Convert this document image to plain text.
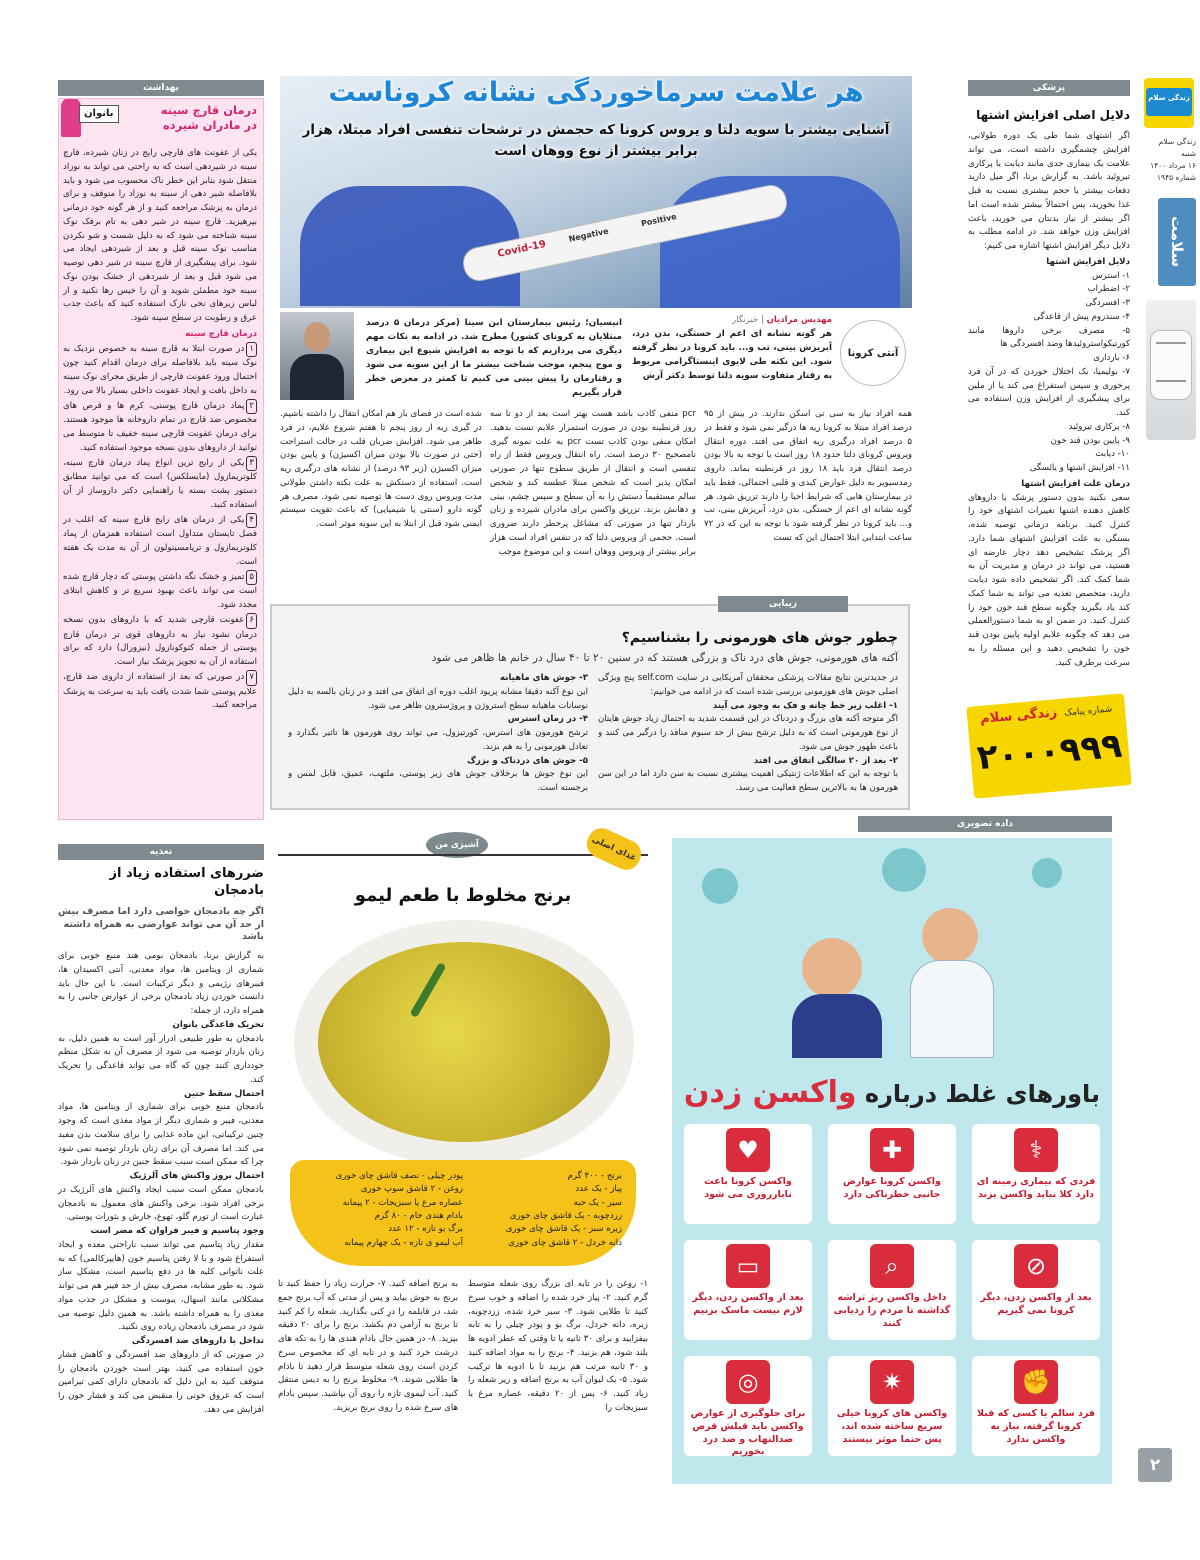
زندگی سلام
زندگی سلام
شنبه
۱۶ مرداد ۱۴۰۰
شماره ۱۹۴۵
سلامت
۲
پزشکی
دلایل اصلی افزایش اشتها

اگر اشتهای شما طی یک دوره طولانی، افزایش چشمگیری داشته است، می تواند علامت یک بیماری جدی مانند دیابت یا پرکاری تیروئید باشد. به گزارش برنا، اگر میل دارید دفعات بیشتر یا حجم بیشتری نسبت به قبل غذا بخورید، پس احتمالاً بیشتر شده است اما اگر بیشتر از نیاز بدنتان می خورید، باعث افزایش وزن خواهد شد. در ادامه مطلب به دلایل دیگر افزایش اشتها اشاره می کنیم:

دلایل افزایش اشتها

۱- استرس

۲- اضطراب

۳- افسردگی

۴- سندروم پیش از قاعدگی

۵- مصرف برخی داروها مانند کورتیکواستروئیدها وضد افسردگی ها

۶- بارداری

۷- بولیمیا، یک اختلال خوردن که در آن فرد پرخوری و سپس استفراغ می کند یا از ملین برای پیشگیری از افزایش وزن استفاده می کند.

۸- پرکاری تیروئید

۹- پایین بودن قند خون

۱۰- دیابت

۱۱- افزایش اشتها و یائسگی

درمان علت افزایش اشتها

سعی نکنید بدون دستور پزشک یا داروهای کاهش دهنده اشتها تغییرات اشتهای خود را کنترل کنید. برنامه درمانی توصیه شده، بستگی به علت افزایش اشتهای شما دارد. اگر پزشک تشخیص دهد دچار عارضه ای هستید، می تواند در درمان و مدیریت آن به شما کمک کند. اگر تشخیص داده شود دیابت دارید، متخصص تغذیه می تواند به شما کمک کند یاد بگیرید چگونه سطح قند خون خود را کنترل کنید. در ضمن او به شما دستورالعملی می دهد که چگونه علایم اولیه پایین بودن قند خون را تشخیص دهید و این مسئله را به سرعت برطرف کنید.

شماره پیامک زندگی سلام
۲۰۰۰۹۹۹
Covid-19 Negative Positive
هر علامت سرماخوردگی نشانه کروناست
آشنایی بیشتر با سویه دلتا و یروس کرونا که حجمش در ترشحات تنفسی افراد مبتلا، هزار برابر بیشتر از نوع ووهان است
آنتی کرونا
مهدیس مرادیان | خبرنگار
هر گونه نشانه ای اعم از خستگی، بدن درد، آبریزش بینی، تب و... باید کرونا در نظر گرفته شود. این نکته طی لایوی اینستاگرامی مربوط به رفتار متفاوت سویه دلتا توسط دکتر آرش
انیسیان؛ رئیس بیمارستان ابن سینا (مرکز درمان ۵ درصد مبتلایان به کرونای کشور) مطرح شد. در ادامه به نکات مهم دیگری می پردازیم که با توجه به افزایش شیوع این بیماری و موج پنجم، موجب شناخت بیشتر ما از این سویه می شود و رفتارمان را پیش بینی می کنیم تا کمتر در معرض خطر قرار بگیریم
همه افراد نیاز به سی تی اسکن ندارند. در بیش از ۹۵ درصد افراد مبتلا به کرونا ریه ها درگیر نمی شود و فقط در ۵ درصد افراد درگیری ریه اتفاق می افتد. دوره انتقال ویروس کرونای دلتا حدود ۱۸ روز است یا توجه به بالا بودن درصد انتقال فرد باید ۱۸ روز در قرنطینه بماند. داروی رمدسیویر به دلیل عوارض کبدی و قلبی احتمالی، فقط باید در بیمارستان هایی که شرایط احیا را دارند تزریق شود. هر گونه نشانه ای اعم از خستگی، بدن درد، آبریزش بینی، تب و... باید کرونا در نظر گرفته شود با توجه به این که در ۷۲ ساعت ابتدایی ابتلا احتمال این که تست
pcr منفی کاذب باشد هست بهتر است بعد از دو تا سه روز قرنطینه بودن در صورت استمرار علایم تست بدهید. امکان منفی بودن کاذب تست pcr به علت نمونه گیری نامصحیح ۳۰ درصد است. راه انتقال ویروس فقط از راه تنفسی است و انتقال از طریق سطوح تنها در صورتی امکان پذیر است که شخص مبتلا عطسه کند و شخص سالم مستقیماً دستش را به آن سطح و سپس چشم، بینی و دهانش بزند. تزریق واکسن برای مادران شیرده و زنان باردار تنها در صورتی که مشاغل پرخطر دارند ضروری است. حجمی از ویروس دلتا که در تنفس افراد است هزار برابر بیشتر از ویروس ووهان است و این موضوع موجب
شده است در فضای باز هم امکان انتقال را داشته باشیم. در گیری ریه از روز پنجم تا هفتم شروع علایم، در فرد ظاهر می شود. افزایش ضربان قلب در حالت استراحت (حتی در صورت بالا بودن میزان اکسیژن) و پایین بودن میزان اکسیژن (زیر ۹۳ درصد) از نشانه های درگیری ریه است. استفاده از دستکش به علت نکته داشتن طولانی مدت ویروس روی دست ها توصیه نمی شود. مصرف هر گونه دارو (سنتی یا شیمیایی) که باعث تقویت سیستم ایمنی شود قبل از ابتلا به این سویه موثر است.
زیبایی
چطور جوش های هورمونی را بشناسیم؟
آکنه های هورمونی، جوش های درد ناک و بزرگی هستند که در سنین ۲۰ تا ۴۰ سال در خانم ها ظاهر می شود

در جدیدترین نتایج مقالات پزشکی محققان آمریکایی در سایت self.com پنج ویژگی اصلی جوش های هورمونی بررسی شده است که در ادامه می خوانیم:

۱- اغلب زیر خط چانه و فک به وجود می آیند

اگر متوجه آکنه های بزرگ و دردناک در این قسمت شدید به احتمال زیاد جوش هایتان از نوع هورمونی است که به دلیل ترشح بیش از حد سبوم منافذ را درگیر می کنند و باعث ظهور جوش می شود.

۲- بعد از ۲۰ سالگی اتفاق می افتد

با توجه به این که اطلاعات ژنتیکی اهمیت بیشتری نسبت به سن دارد اما در این سن هورمون ها به بالاترین سطح فعالیت می رسد.

۳- جوش های ماهیانه

این نوع آکنه دقیقا مشابه پریود اغلب دوره ای اتفاق می افتد و در زنان بالسه به دلیل نوسانات ماهیانه سطح استروژن و پروژسترون ظاهر می شود.

۴- در زمان استرس

ترشح هورمون های استرس، کورتیزول، می تواند روی هورمون ها تاثیر بگذارد و تعادل هورمونی را به هم بزند.

۵- جوش های دردناک و بزرگ

این نوع جوش ها برخلاف جوش های زیر پوستی، ملتهب، عمیق، قابل لمس و برجسته است.

بهداشت
بانوان	درمان قارچ سینه در مادران شیرده

یکی از عفونت های قارچی رایج در زنان شیرده، قارچ سینه در شیردهی است که به راحتی می تواند به نوزاد منتقل شود بنابر این خطر ناک محسوب می شود و باید بلافاصله شیر دهی از سینه به نوزاد را متوقف و برای درمان به پزشک مراجعه کنید و از هر گونه خود درمانی بپرهیزید. قارچ سینه در شیر دهی به نام برفک نوک سینه شناخته می شود که به دلیل شست و شو نکردن مناسب نوک سینه قبل و بعد از شیردهی ایجاد می شود. برای پیشگیری از قارچ سینه در شیر دهی توصیه می شود قبل و بعد از شیردهی از خشک بودن نوک سینه خود مطمئن شوید و آن را خیس رها نکنید و از لباس زیرهای نخی نازک استفاده کنید که باعث جذب عرق و رطوبت در سطح سینه شود.

درمان قارچ سینه

۱در صورت ابتلا به قارچ سینه به خصوص نزدیک به نوک سینه باید بلافاصله برای درمان اقدام کنید چون احتمال ورود عفونت قارچی از طریق مجرای نوک سینه به داخل بافت و ایجاد عفونت داخلی بسیار بالا می رود.

۲پماد درمان قارچ پوستی، کرم ها و قرص های مخصوص ضد قارچ در تمام داروخانه ها موجود هستند. برای درمان عفونت قارچی سینه خفیف تا متوسط می توانید از داروهای بدون نسخه موجود استفاده کنید.

۳یکی از رایج ترین انواع پماد درمان قارچ سینه، کلوتریمازول (مایسلکس) است که می توانید مطابق دستور پشت بسته یا راهنمایی دکتر داروساز از آن استفاده کنید.

۴یکی از درمان های رایج قارچ سینه که اغلب در فصل تابستان متداول است استفاده همزمان از پماد کلوتریمازول و تریامسینولون از آن به مدت یک هفته است.

۵تمیز و خشک نگه داشتن پوستی که دچار قارچ شده است می تواند باعث بهبود سریع تر و کاهش ابتلای مجدد شود.

۶عفونت قارچی شدید که با داروهای بدون نسخه درمان نشود نیاز به داروهای قوی تر درمان قارچ پوستی از جمله کتوکونازول (نیزورال) دارد که برای استفاده از آن به تجویز پزشک نیاز است.

۷در صورتی که بعد از استفاده از داروی ضد قارچ، علایم پوستی شما شدت یافت باید به سرعت به پزشک مراجعه کنید.

داده تصویری
باورهای غلط درباره واکسن زدن
⚕
فردی که بیماری زمینه ای دارد کلا نباید واکسن بزند
✚
واکسن کرونا عوارض جانبی خطرناکی دارد
♥
واکسن کرونا باعث نابارروری می شود
⊘
بعد از واکسن زدن، دیگر کرونا نمی گیریم
⌕
داخل واکسن ریز تراشه گذاشته تا مردم را ردیابی کنند
▭
بعد از واکسن زدن، دیگر لازم نیست ماسک بزنیم
✊
فرد سالم یا کسی که قبلا کرونا گرفته، نیاز به واکسن ندارد
✷
واکسن های کرونا خیلی سریع ساخته شده اند، پس حتما موثر نیستند
◎
برای جلوگیری از عوارض واکسن باید قبلش قرص ضدالتهاب و ضد درد بخوریم
آشپزی من	غذای اصلی
برنج مخلوط با طعم لیمو
برنج - ۴۰۰ گرم
پیاز - یک عدد
سیر - یک حبه
زردچوبه - یک قاشق چای خوری
زیره سبز - یک قاشق چای خوری
دانه خردل - ۲ قاشق چای خوری
پودر چیلی - نصف قاشق چای خوری
روغن - ۲ قاشق سوپ خوری
عصاره مرغ یا سبزیجات - ۲ پیمانه
بادام هندی خام - ۸۰ گرم
برگ بو تازه - ۱۲ عدد
آب لیمو ی تازه - یک چهارم پیمانه
۱- روغن را در تابه ای بزرگ روی شعله متوسط گرم کنید. ۲- پیاز خرد شده را اضافه و خوب سرخ کنید تا طلایی شود. ۳- سیر خرد شده، زردچوبه، زیره، دانه خردل، برگ بو و پودر چیلی را به تابه بیفزایید و برای ۳۰ ثانیه یا تا وقتی که عطر ادویه ها بلند شود، هم بزنید. ۴- برنج را به مواد اضافه کنید و ۳۰ ثانیه مرتب هم بزنید تا با ادویه ها ترکیب شود. ۵- یک لیوان آب به برنج اضافه و زیر شعله را زیاد کنید. ۶- پس از ۲۰ دقیقه، عصاره مرغ یا سبزیجات را
به برنج اضافه کنید. ۷- حرارت زیاد را حفظ کنید تا برنج به جوش بیاید و پس از مدتی که آب برنج جمع شد، در قابلمه را درِ کنی بگذارید. شعله را کم کنید تا برنج به آرامی دم بکشد. برنج را برای ۲۰ دقیقه بپزید. ۸- در همین حال بادام هندی ها را به تکه های درشت خرد کنید و در تابه ای که مخصوص سرخ کردن است روی شعله متوسط قرار دهید تا بادام ها طلایی شوند. ۹- مخلوط برنج را به دیس منتقل کنید. آب لیموی تازه را روی آن بپاشید. سپس بادام های سرخ شده را روی برنج بریزید.
تغذیه
ضررهای استفاده زیاد از بادمجان
اگر چه بادمجان خواصی دارد اما مصرف بیش از حد آن می تواند عوارضی به همراه داشته باشد

به گزارش برنا، بادمجان بومی هند منبع خوبی برای شماری از ویتامین ها، مواد معدنی، آنتی اکسیدان ها، فیبرهای رژیمی و دیگر ترکیبات است. با این حال باید دانست خوردن زیاد بادمجان برخی از عوارض جانبی را به همراه دارد، از جمله:

تحریک قاعدگی بانوان

بادمجان به طور طبیعی ادرار آور است به همین دلیل، به زنان باردار توصیه می شود از مصرف آن به شکل منظم خودداری کنند چون که گاه می تواند قاعدگی را تحریک کند.

احتمال سقط جنین

بادمجان منبع خوبی برای شماری از ویتامین ها، مواد معدنی، فیبر و شماری دیگر از مواد مغذی است که وجود چنین ترکیباتی، این ماده غذایی را برای سلامت بدن مفید می کند. اما مصرف آن برای زنان باردار توصیه نمی شود چرا که ممکن است سبب سقط جنین در زنان باردار شود.

احتمال بروز واکنش های آلرژیک

بادمجان ممکن است سبب ایجاد واکنش های آلرژیک در برخی افراد شود. برخی واکنش های معمول به بادمجان عبارت است از تورم گلو، تهوع، خارش و بثورات پوستی.

وجود پتاسیم و فیبر فراوان که مضر است

مقدار زیاد پتاسیم می تواند سبب ناراحتی معده و ایجاد استفراغ شود و با لا رفتن پتاسیم خون (هایپرکالمی) که به علت ناتوانی کلیه ها در دفع پتاسیم است، مشکل ساز شود. به طور مشابه، مصرف بیش از حد فیبر هم می تواند مشکلاتی مانند اسهال، یبوست و مشکل در جذب مواد مغذی را به همراه داشته باشد. به همین دلیل توصیه می شود در مصرف بادمجان زیاده روی نکنید.

تداخل با داروهای ضد افسردگی

در صورتی که از داروهای ضد افسردگی و کاهش فشار خون استفاده می کنید، بهتر است خوردن بادمجان را متوقف کنید به این دلیل که بادمجان دارای کمی تیرامین است که عروق خونی را منقبض می کند و فشار خون را افزایش می دهد.
